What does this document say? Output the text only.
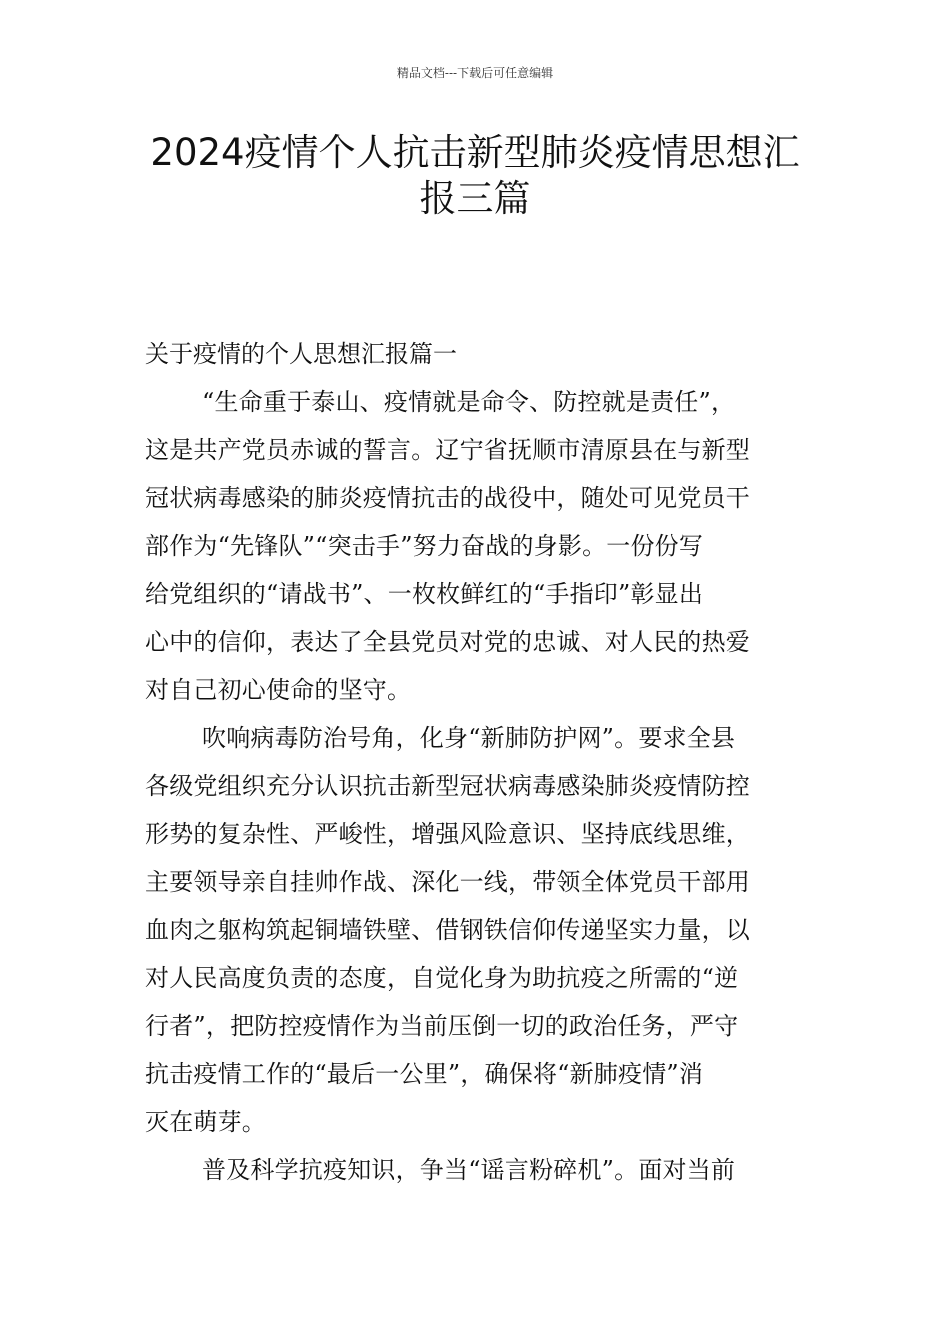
精品文档---下载后可任意编辑
2024疫情个人抗击新型肺炎疫情思想汇
报三篇
关于疫情的个人思想汇报篇一
“生命重于泰山、疫情就是命令、防控就是责任”，
这是共产党员赤诚的誓言。辽宁省抚顺市清原县在与新型
冠状病毒感染的肺炎疫情抗击的战役中，随处可见党员干
部作为“先锋队”“突击手”努力奋战的身影。一份份写
给党组织的“请战书”、一枚枚鲜红的“手指印”彰显出
心中的信仰，表达了全县党员对党的忠诚、对人民的热爱
对自己初心使命的坚守。
吹响病毒防治号角，化身“新肺防护网”。要求全县
各级党组织充分认识抗击新型冠状病毒感染肺炎疫情防控
形势的复杂性、严峻性，增强风险意识、坚持底线思维，
主要领导亲自挂帅作战、深化一线，带领全体党员干部用
血肉之躯构筑起铜墙铁壁、借钢铁信仰传递坚实力量，以
对人民高度负责的态度，自觉化身为助抗疫之所需的“逆
行者”，把防控疫情作为当前压倒一切的政治任务，严守
抗击疫情工作的“最后一公里”，确保将“新肺疫情”消
灭在萌芽。
普及科学抗疫知识，争当“谣言粉碎机”。面对当前
